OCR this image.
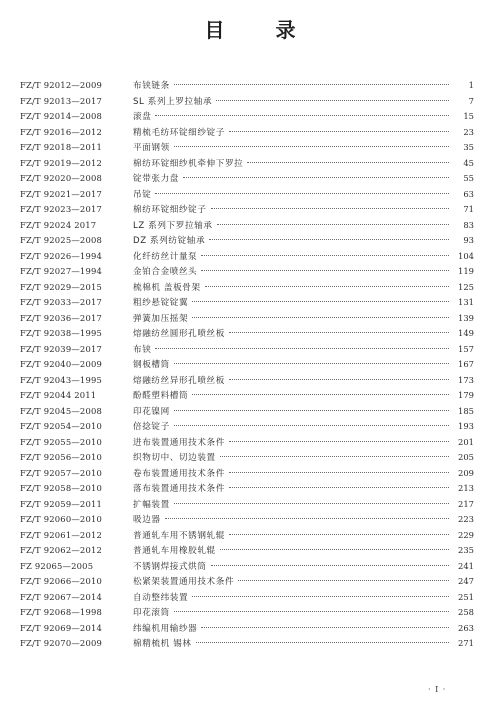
目 录
FZ/T 92012—2009	布铗链条	1
FZ/T 92013—2017	SL 系列上罗拉轴承	7
FZ/T 92014—2008	滚盘	15
FZ/T 92016—2012	精梳毛纺环锭细纱锭子	23
FZ/T 92018—2011	平面钢领	35
FZ/T 92019—2012	棉纺环锭细纱机牵伸下罗拉	45
FZ/T 92020—2008	锭带张力盘	55
FZ/T 92021—2017	吊锭	63
FZ/T 92023—2017	棉纺环锭细纱锭子	71
FZ/T 92024 2017	LZ 系列下罗拉轴承	83
FZ/T 92025—2008	DZ 系列纺锭轴承	93
FZ/T 92026—1994	化纤纺丝计量泵	104
FZ/T 92027—1994	金铂合金喷丝头	119
FZ/T 92029—2015	梳棉机 盖板骨架	125
FZ/T 92033—2017	粗纱悬锭锭翼	131
FZ/T 92036—2017	弹簧加压摇架	139
FZ/T 92038—1995	熔融纺丝圆形孔喷丝板	149
FZ/T 92039—2017	布铗	157
FZ/T 92040—2009	钢板槽筒	167
FZ/T 92043—1995	熔融纺丝异形孔喷丝板	173
FZ/T 92044 2011	酚醛塑料槽筒	179
FZ/T 92045—2008	印花镍网	185
FZ/T 92054—2010	倍捻锭子	193
FZ/T 92055—2010	进布装置通用技术条件	201
FZ/T 92056—2010	织物切中、切边装置	205
FZ/T 92057—2010	卷布装置通用技术条件	209
FZ/T 92058—2010	落布装置通用技术条件	213
FZ/T 92059—2011	扩幅装置	217
FZ/T 92060—2010	吸边器	223
FZ/T 92061—2012	普通轧车用不锈钢轧辊	229
FZ/T 92062—2012	普通轧车用橡胶轧辊	235
FZ 92065—2005	不锈钢焊接式烘筒	241
FZ/T 92066—2010	松紧架装置通用技术条件	247
FZ/T 92067—2014	自动整纬装置	251
FZ/T 92068—1998	印花滚筒	258
FZ/T 92069—2014	纬编机用输纱器	263
FZ/T 92070—2009	棉精梳机 锡林	271
· Ⅰ ·
